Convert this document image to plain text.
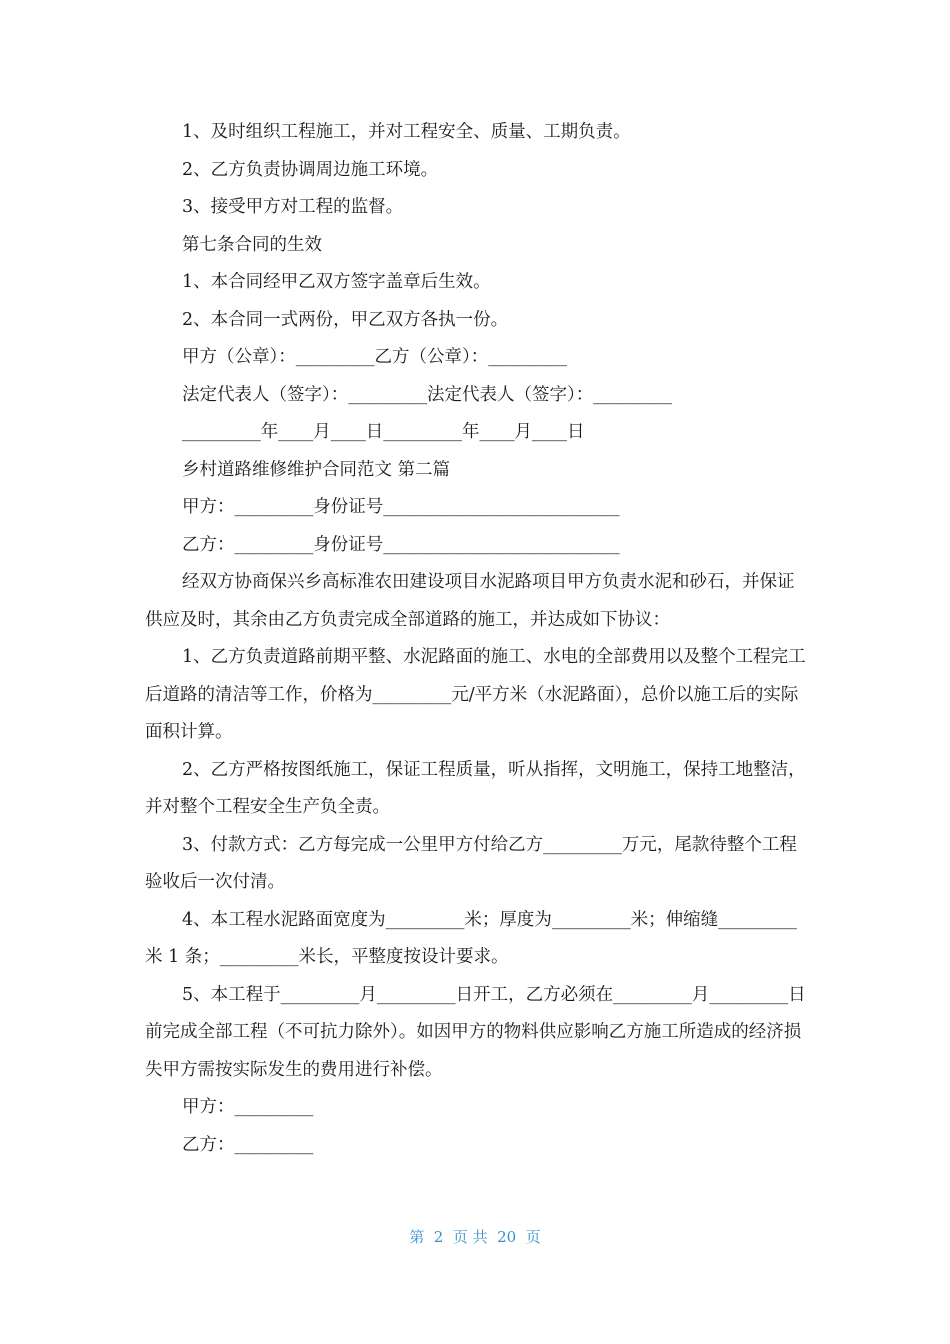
1、及时组织工程施工，并对工程安全、质量、工期负责。

2、乙方负责协调周边施工环境。

3、接受甲方对工程的监督。

第七条合同的生效

1、本合同经甲乙双方签字盖章后生效。

2、本合同一式两份，甲乙双方各执一份。

甲方（公章）：_________乙方（公章）：_________

法定代表人（签字）：_________法定代表人（签字）：_________

_________年____月____日_________年____月____日

乡村道路维修维护合同范文 第二篇

甲方：_________身份证号___________________________

乙方：_________身份证号___________________________

经双方协商保兴乡高标准农田建设项目水泥路项目甲方负责水泥和砂石，并保证供应及时，其余由乙方负责完成全部道路的施工，并达成如下协议：

1、乙方负责道路前期平整、水泥路面的施工、水电的全部费用以及整个工程完工后道路的清洁等工作，价格为_________元/平方米（水泥路面），总价以施工后的实际面积计算。

2、乙方严格按图纸施工，保证工程质量，听从指挥，文明施工，保持工地整洁，并对整个工程安全生产负全责。

3、付款方式：乙方每完成一公里甲方付给乙方_________万元，尾款待整个工程验收后一次付清。

4、本工程水泥路面宽度为_________米；厚度为_________米；伸缩缝_________米 1 条；_________米长，平整度按设计要求。

5、本工程于_________月_________日开工，乙方必须在_________月_________日前完成全部工程（不可抗力除外）。如因甲方的物料供应影响乙方施工所造成的经济损失甲方需按实际发生的费用进行补偿。

甲方：_________

乙方：_________

第  2  页 共  20  页
